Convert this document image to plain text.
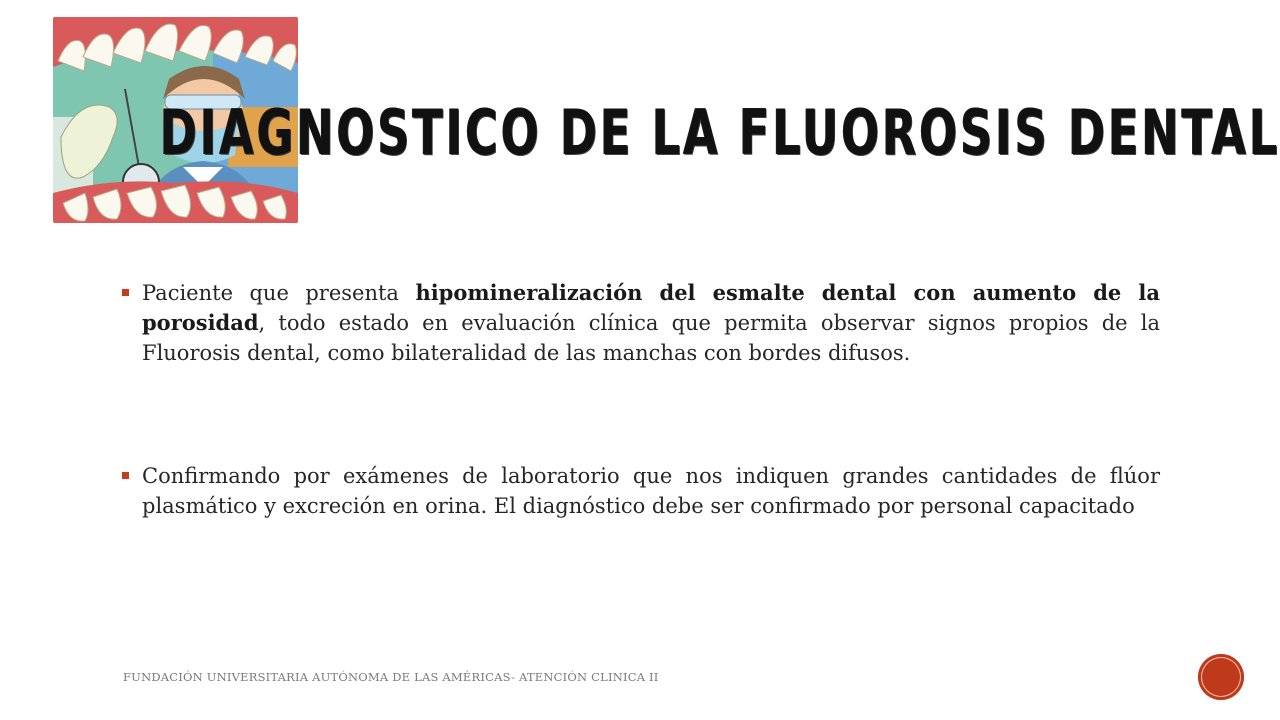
DIAGNOSTICO DE LA FLUOROSIS DENTAL

Paciente que presenta hipomineralización del esmalte dental con aumento de la porosidad, todo estado en evaluación clínica que permita observar signos propios de la Fluorosis dental, como bilateralidad de las manchas con bordes difusos.

Confirmando por exámenes de laboratorio que nos indiquen grandes cantidades de flúor plasmático y excreción en orina. El diagnóstico debe ser confirmado por personal capacitado

FUNDACIÓN UNIVERSITARIA AUTÓNOMA DE LAS AMÉRICAS- ATENCIÓN CLINICA II
